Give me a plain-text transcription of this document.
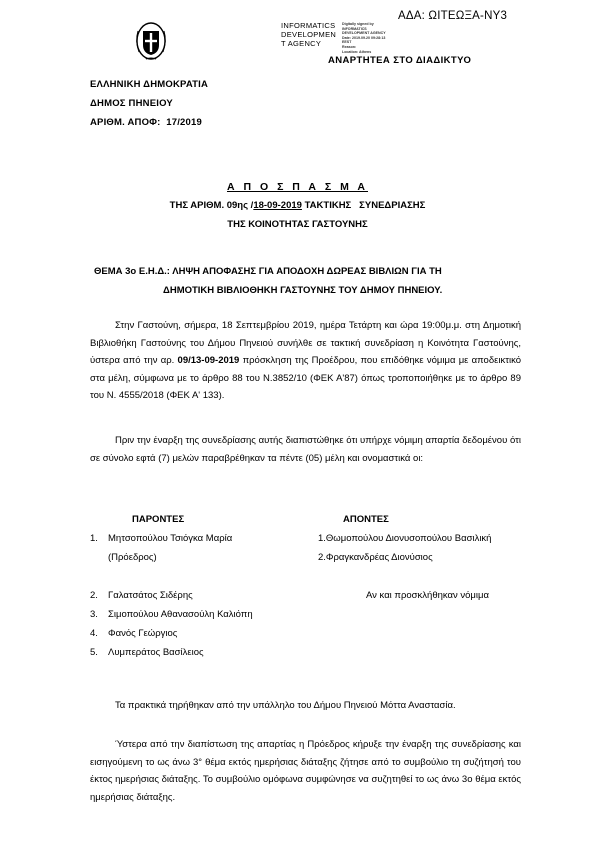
ΑΔΑ: ΩΙΤΕΩΞΑ-ΝΥ3
INFORMATICS
DEVELOPMEN
T AGENCY
Digitally signed by
INFORMATICS
DEVELOPMENT AGENCY
Date: 2019.09.20 09:28:13
EEST
Reason:
Location: Athens
ΑΝΑΡΤΗΤΕΑ ΣΤΟ ΔΙΑΔΙΚΤΥΟ
ΕΛΛΗΝΙΚΗ ΔΗΜΟΚΡΑΤΙΑ
ΔΗΜΟΣ ΠΗΝΕΙΟΥ
ΑΡΙΘΜ. ΑΠΟΦ: 17/2019
Α Π Ο Σ Π Α Σ Μ Α
ΤΗΣ ΑΡΙΘΜ. 09ης /18-09-2019 ΤΑΚΤΙΚΗΣ   ΣΥΝΕΔΡΙΑΣΗΣ
ΤΗΣ ΚΟΙΝΟΤΗΤΑΣ ΓΑΣΤΟΥΝΗΣ
ΘΕΜΑ 3o Ε.Η.Δ.: ΛΗΨΗ ΑΠΟΦΑΣΗΣ ΓΙΑ ΑΠΟΔΟΧΗ ΔΩΡΕΑΣ ΒΙΒΛΙΩΝ ΓΙΑ ΤΗ
ΔΗΜΟΤΙΚΗ ΒΙΒΛΙΟΘΗΚΗ ΓΑΣΤΟΥΝΗΣ ΤΟΥ ΔΗΜΟΥ ΠΗΝΕΙΟΥ.
Στην Γαστούνη, σήμερα, 18 Σεπτεμβρίου 2019, ημέρα Τετάρτη και ώρα 19:00μ.μ. στη Δημοτική Βιβλιοθήκη Γαστούνης του Δήμου Πηνειού συνήλθε σε τακτική συνεδρίαση η Κοινότητα Γαστούνης, ύστερα από την αρ. 09/13-09-2019 πρόσκληση της Προέδρου, που επιδόθηκε νόμιμα με αποδεικτικό στα μέλη, σύμφωνα με το άρθρο 88 του Ν.3852/10 (ΦΕΚ Α'87) όπως τροποποιήθηκε με το άρθρο 89 του Ν. 4555/2018 (ΦΕΚ Α' 133).
Πριν την έναρξη της συνεδρίασης αυτής διαπιστώθηκε ότι υπήρχε νόμιμη απαρτία δεδομένου ότι σε σύνολο εφτά (7) μελών παραβρέθηκαν τα πέντε (05) μέλη και ονομαστικά οι:
ΠΑΡΟΝΤΕΣ	ΑΠΟΝΤΕΣ
1. Μητσοπούλου Τσιόγκα Μαρία
(Πρόεδρος)
2. Γαλατσάτος Σιδέρης
3. Σιμοπούλου Αθανασούλη Καλιόπη
4. Φανός Γεώργιος
5. Λυμπεράτος Βασίλειος
1.Θωμοπούλου Διονυσοπούλου Βασιλική
2.Φραγκανδρέας Διονύσιος
Αν και προσκλήθηκαν νόμιμα
Τα πρακτικά τηρήθηκαν από την υπάλληλο του Δήμου Πηνειού Μόττα Αναστασία.
Ύστερα από την διαπίστωση της απαρτίας η Πρόεδρος κήρυξε την έναρξη της συνεδρίασης και εισηγούμενη το ως άνω 3° θέμα εκτός ημερήσιας διάταξης ζήτησε από το συμβούλιο τη συζήτησή του έκτος ημερήσιας διάταξης. Το συμβούλιο ομόφωνα συμφώνησε να συζητηθεί το ως άνω 3ο θέμα εκτός ημερήσιας διάταξης.
